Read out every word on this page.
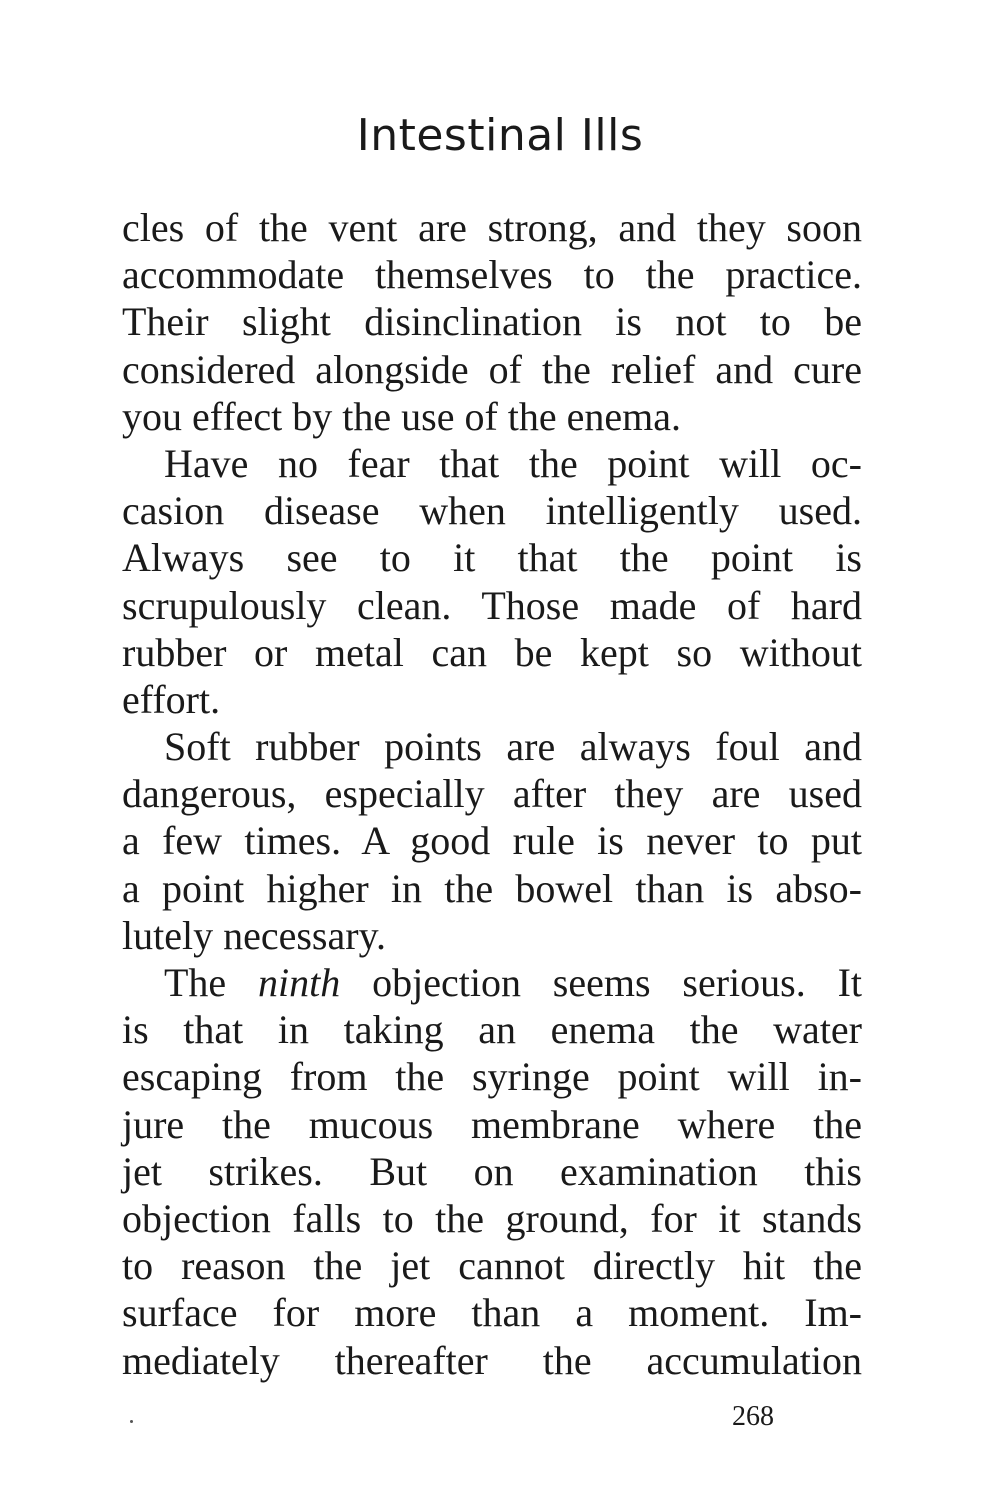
Intestinal Ills

cles of the vent are strong, and they soon
accommodate themselves to the practice.
Their slight disinclination is not to be
considered alongside of the relief and cure
you effect by the use of the enema.

Have no fear that the point will oc-
casion disease when intelligently used.
Always see to it that the point is
scrupulously clean. Those made of hard
rubber or metal can be kept so without
effort.

Soft rubber points are always foul and
dangerous, especially after they are used
a few times. A good rule is never to put
a point higher in the bowel than is abso-
lutely necessary.

The ninth objection seems serious. It
is that in taking an enema the water
escaping from the syringe point will in-
jure the mucous membrane where the
jet strikes. But on examination this
objection falls to the ground, for it stands
to reason the jet cannot directly hit the
surface for more than a moment. Im-
mediately thereafter the accumulation

268
